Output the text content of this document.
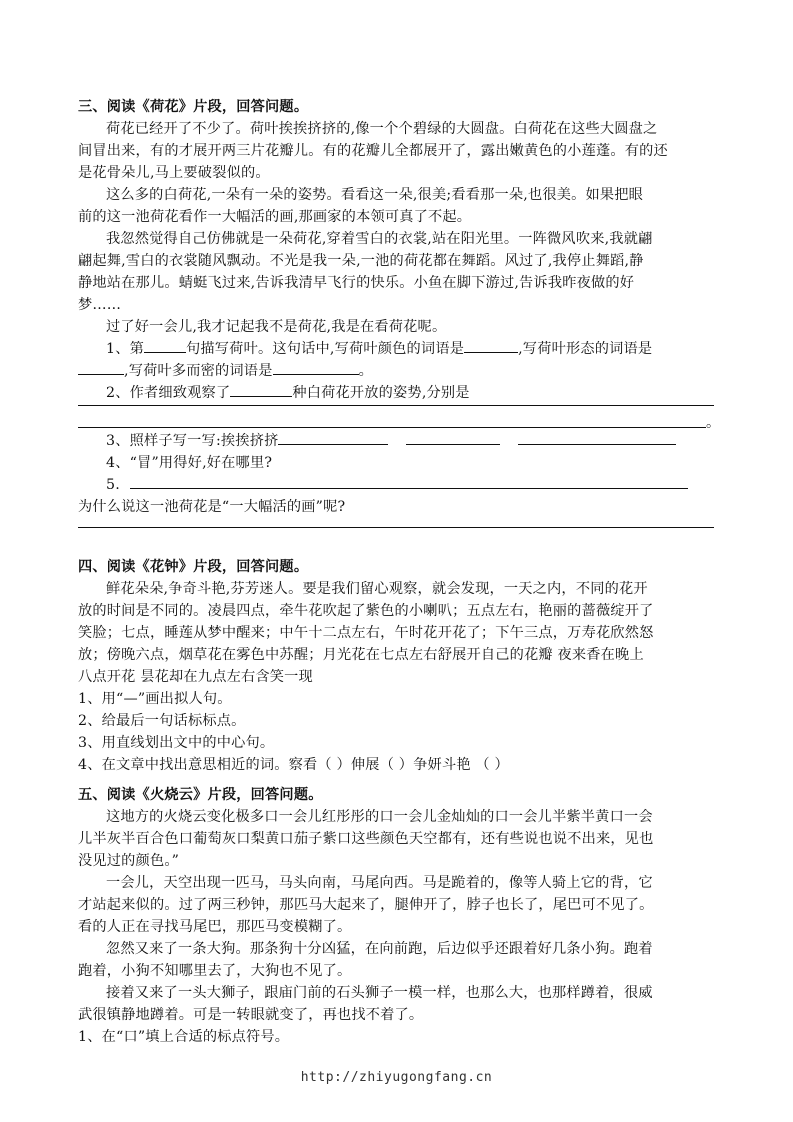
三、阅读《荷花》片段，回答问题。
荷花已经开了不少了。荷叶挨挨挤挤的,像一个个碧绿的大圆盘。白荷花在这些大圆盘之
间冒出来，有的才展开两三片花瓣儿。有的花瓣儿全都展开了，露出嫩黄色的小莲蓬。有的还
是花骨朵儿,马上要破裂似的。
这么多的白荷花,一朵有一朵的姿势。看看这一朵,很美;看看那一朵,也很美。如果把眼
前的这一池荷花看作一大幅活的画,那画家的本领可真了不起。
我忽然觉得自己仿佛就是一朵荷花,穿着雪白的衣裳,站在阳光里。一阵微风吹来,我就翩
翩起舞,雪白的衣裳随风飘动。不光是我一朵,一池的荷花都在舞蹈。风过了,我停止舞蹈,静
静地站在那儿。蜻蜓飞过来,告诉我清早飞行的快乐。小鱼在脚下游过,告诉我昨夜做的好
梦……
过了好一会儿,我才记起我不是荷花,我是在看荷花呢。
1、第	句描写荷叶。这句话中,写荷叶颜色的词语是	,写荷叶形态的词语是
,写荷叶多而密的词语是	。
2、作者细致观察了	种白荷花开放的姿势,分别是
。
3、照样子写一写:挨挨挤挤
4、“冒”用得好,好在哪里?
5.
为什么说这一池荷花是“一大幅活的画”呢?
四、阅读《花钟》片段，回答问题。
鲜花朵朵,争奇斗艳,芬芳迷人。要是我们留心观察，就会发现，一天之内，不同的花开
放的时间是不同的。凌晨四点，牵牛花吹起了紫色的小喇叭；五点左右，艳丽的蔷薇绽开了
笑脸；七点，睡莲从梦中醒来；中午十二点左右，午时花开花了；下午三点，万寿花欣然怒
放；傍晚六点，烟草花在雾色中苏醒；月光花在七点左右舒展开自己的花瓣 夜来香在晚上
八点开花 昙花却在九点左右含笑一现
1、用“—”画出拟人句。
2、给最后一句话标标点。
3、用直线划出文中的中心句。
4、在文章中找出意思相近的词。察看（ ）伸展（ ）争妍斗艳 （ ）
五、阅读《火烧云》片段，回答问题。
这地方的火烧云变化极多口一会儿红彤彤的口一会儿金灿灿的口一会儿半紫半黄口一会
儿半灰半百合色口葡萄灰口梨黄口茄子紫口这些颜色天空都有，还有些说也说不出来，见也
没见过的颜色。”
一会儿，天空出现一匹马，马头向南，马尾向西。马是跪着的，像等人骑上它的背，它
才站起来似的。过了两三秒钟，那匹马大起来了，腿伸开了，脖子也长了，尾巴可不见了。
看的人正在寻找马尾巴，那匹马变模糊了。
忽然又来了一条大狗。那条狗十分凶猛，在向前跑，后边似乎还跟着好几条小狗。跑着
跑着，小狗不知哪里去了，大狗也不见了。
接着又来了一头大狮子，跟庙门前的石头狮子一模一样，也那么大，也那样蹲着，很威
武很镇静地蹲着。可是一转眼就变了，再也找不着了。
1、在“口”填上合适的标点符号。
http://zhiyugongfang.cn
